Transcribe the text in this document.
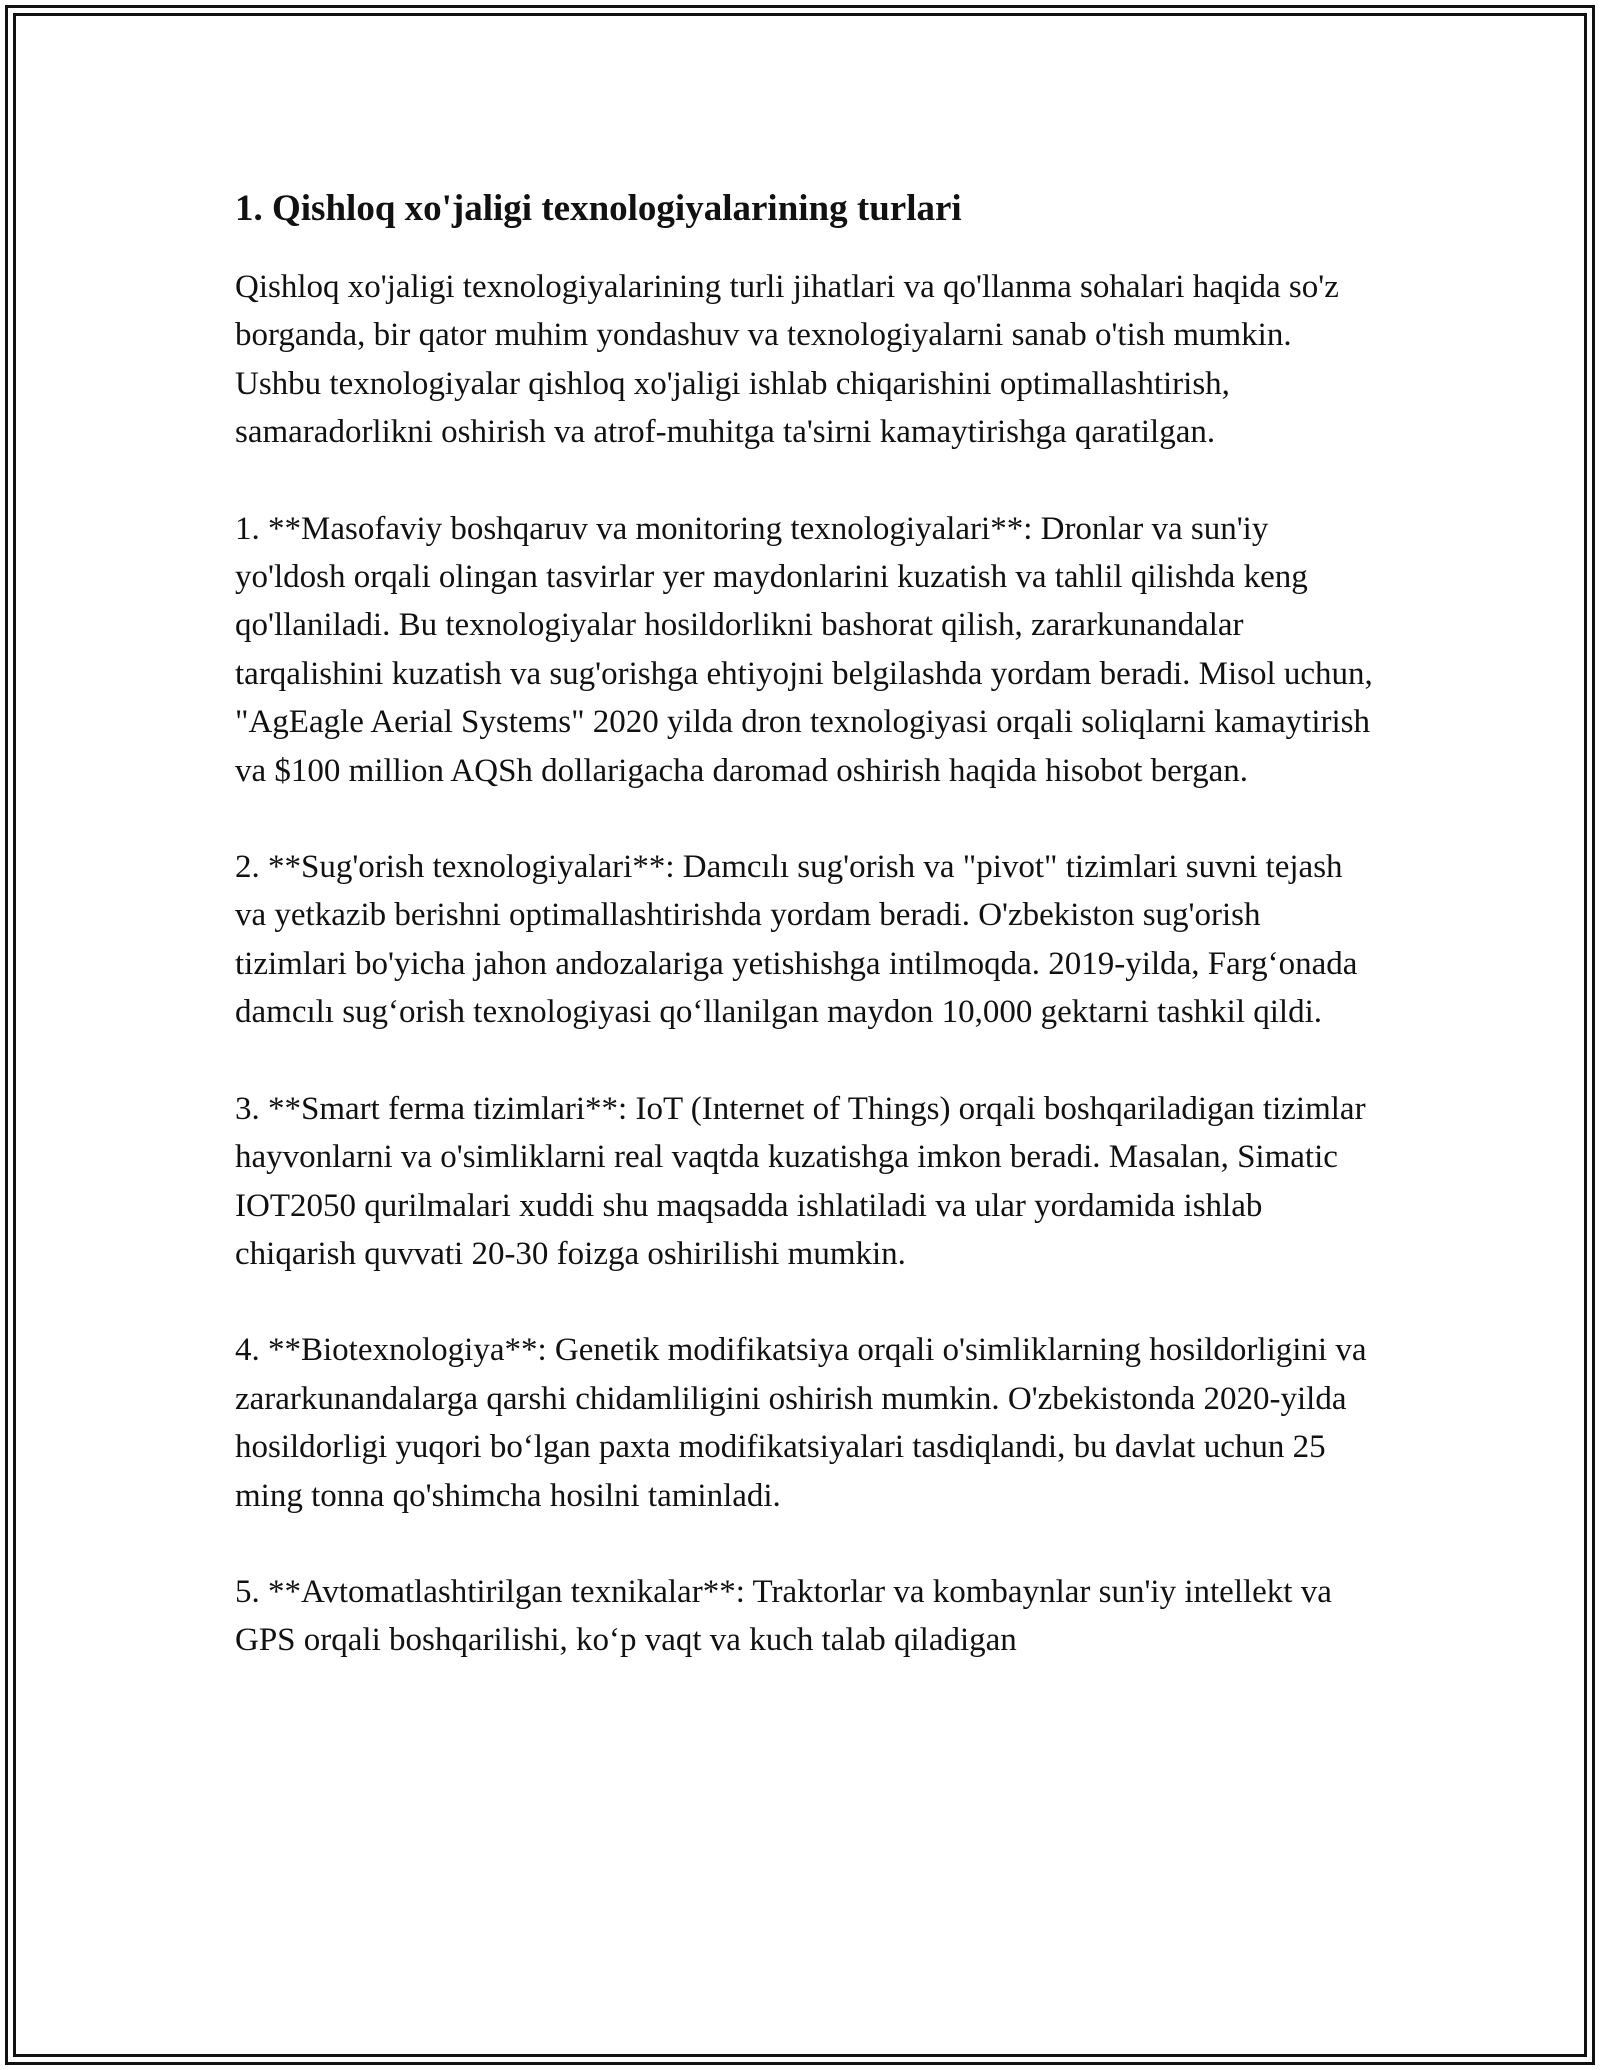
1. Qishloq xo'jaligi texnologiyalarining turlari

Qishloq xo'jaligi texnologiyalarining turli jihatlari va qo'llanma sohalari haqida so'z borganda, bir qator muhim yondashuv va texnologiyalarni sanab o'tish mumkin. Ushbu texnologiyalar qishloq xo'jaligi ishlab chiqarishini optimallashtirish, samaradorlikni oshirish va atrof-muhitga ta'sirni kamaytirishga qaratilgan.

1. **Masofaviy boshqaruv va monitoring texnologiyalari**: Dronlar va sun'iy yo'ldosh orqali olingan tasvirlar yer maydonlarini kuzatish va tahlil qilishda keng qo'llaniladi. Bu texnologiyalar hosildorlikni bashorat qilish, zararkunandalar tarqalishini kuzatish va sug'orishga ehtiyojni belgilashda yordam beradi. Misol uchun, "AgEagle Aerial Systems" 2020 yilda dron texnologiyasi orqali soliqlarni kamaytirish va $100 million AQSh dollarigacha daromad oshirish haqida hisobot bergan.

2. **Sug'orish texnologiyalari**: Damcılı sug'orish va "pivot" tizimlari suvni tejash va yetkazib berishni optimallashtirishda yordam beradi. O'zbekiston sug'orish tizimlari bo'yicha jahon andozalariga yetishishga intilmoqda. 2019-yilda, Farg‘onada damcılı sug‘orish texnologiyasi qo‘llanilgan maydon 10,000 gektarni tashkil qildi.

3. **Smart ferma tizimlari**: IoT (Internet of Things) orqali boshqariladigan tizimlar hayvonlarni va o'simliklarni real vaqtda kuzatishga imkon beradi. Masalan, Simatic IOT2050 qurilmalari xuddi shu maqsadda ishlatiladi va ular yordamida ishlab chiqarish quvvati 20-30 foizga oshirilishi mumkin.

4. **Biotexnologiya**: Genetik modifikatsiya orqali o'simliklarning hosildorligini va zararkunandalarga qarshi chidamliligini oshirish mumkin. O'zbekistonda 2020-yilda hosildorligi yuqori bo‘lgan paxta modifikatsiyalari tasdiqlandi, bu davlat uchun 25 ming tonna qo'shimcha hosilni taminladi.

5. **Avtomatlashtirilgan texnikalar**: Traktorlar va kombaynlar sun'iy intellekt va GPS orqali boshqarilishi, ko‘p vaqt va kuch talab qiladigan
